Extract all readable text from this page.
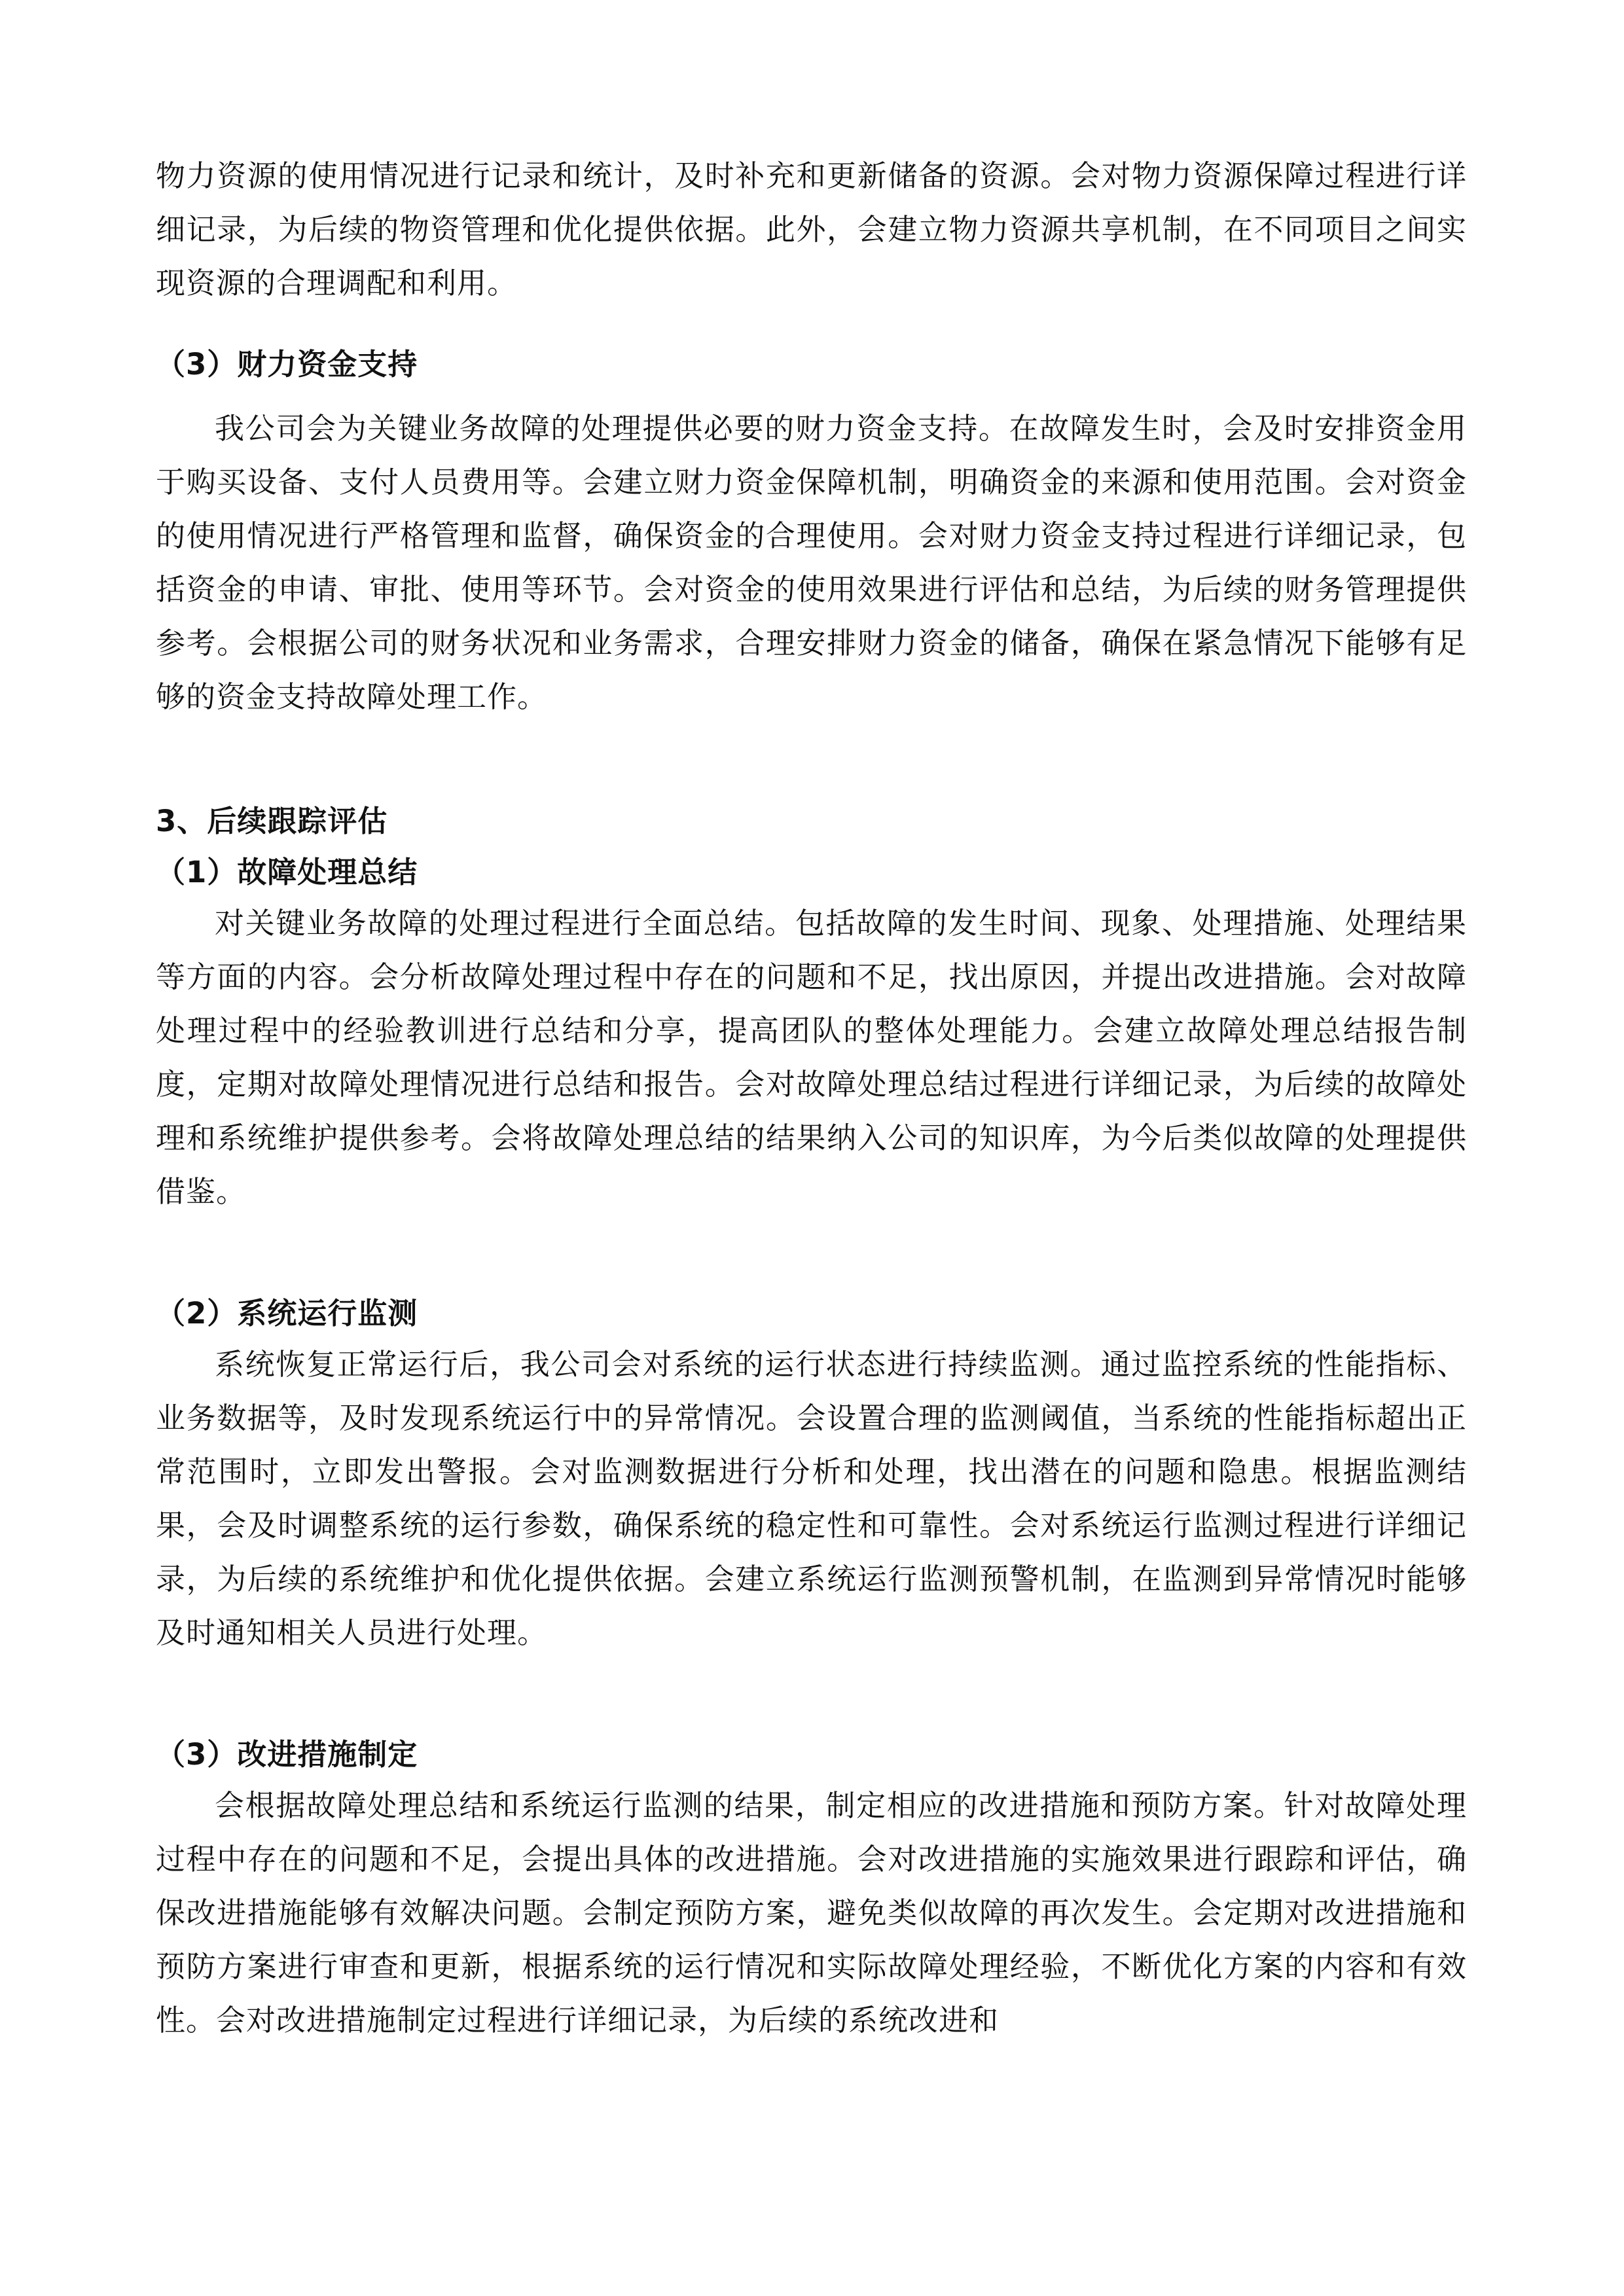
物力资源的使用情况进行记录和统计，及时补充和更新储备的资源。会对物力资源保障过程进行详细记录，为后续的物资管理和优化提供依据。此外，会建立物力资源共享机制，在不同项目之间实现资源的合理调配和利用。

（3）财力资金支持

我公司会为关键业务故障的处理提供必要的财力资金支持。在故障发生时，会及时安排资金用于购买设备、支付人员费用等。会建立财力资金保障机制，明确资金的来源和使用范围。会对资金的使用情况进行严格管理和监督，确保资金的合理使用。会对财力资金支持过程进行详细记录，包括资金的申请、审批、使用等环节。会对资金的使用效果进行评估和总结，为后续的财务管理提供参考。会根据公司的财务状况和业务需求，合理安排财力资金的储备，确保在紧急情况下能够有足够的资金支持故障处理工作。

3、后续跟踪评估
（1）故障处理总结

对关键业务故障的处理过程进行全面总结。包括故障的发生时间、现象、处理措施、处理结果等方面的内容。会分析故障处理过程中存在的问题和不足，找出原因，并提出改进措施。会对故障处理过程中的经验教训进行总结和分享，提高团队的整体处理能力。会建立故障处理总结报告制度，定期对故障处理情况进行总结和报告。会对故障处理总结过程进行详细记录，为后续的故障处理和系统维护提供参考。会将故障处理总结的结果纳入公司的知识库，为今后类似故障的处理提供借鉴。

（2）系统运行监测

系统恢复正常运行后，我公司会对系统的运行状态进行持续监测。通过监控系统的性能指标、业务数据等，及时发现系统运行中的异常情况。会设置合理的监测阈值，当系统的性能指标超出正常范围时，立即发出警报。会对监测数据进行分析和处理，找出潜在的问题和隐患。根据监测结果，会及时调整系统的运行参数，确保系统的稳定性和可靠性。会对系统运行监测过程进行详细记录，为后续的系统维护和优化提供依据。会建立系统运行监测预警机制，在监测到异常情况时能够及时通知相关人员进行处理。

（3）改进措施制定

会根据故障处理总结和系统运行监测的结果，制定相应的改进措施和预防方案。针对故障处理过程中存在的问题和不足，会提出具体的改进措施。会对改进措施的实施效果进行跟踪和评估，确保改进措施能够有效解决问题。会制定预防方案，避免类似故障的再次发生。会定期对改进措施和预防方案进行审查和更新，根据系统的运行情况和实际故障处理经验，不断优化方案的内容和有效性。会对改进措施制定过程进行详细记录，为后续的系统改进和
